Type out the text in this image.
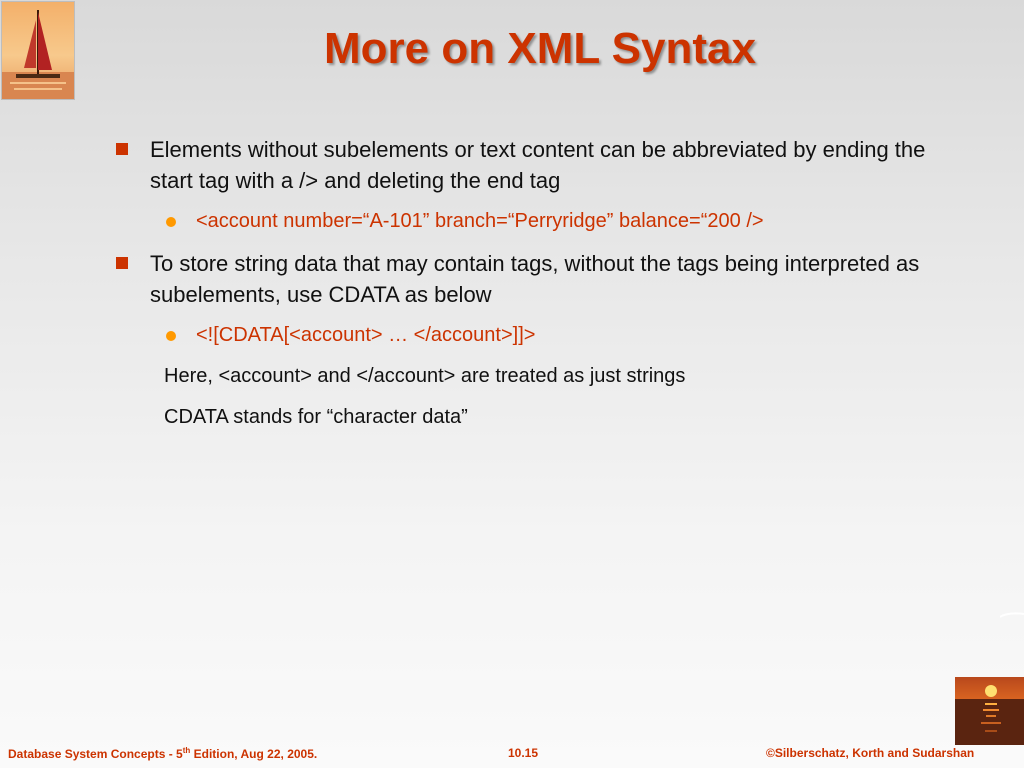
More on XML Syntax
Elements without subelements or text content can be abbreviated by ending the start tag with a /> and deleting the end tag
<account number=“A-101” branch=“Perryridge” balance=“200 />
To store string data that may contain tags, without the tags being interpreted as subelements, use CDATA as below
<![CDATA[<account> … </account>]]>
Here, <account> and </account> are treated as just strings
CDATA stands for “character data”
Database System Concepts - 5th Edition, Aug 22, 2005.	10.15	©Silberschatz, Korth and Sudarshan
